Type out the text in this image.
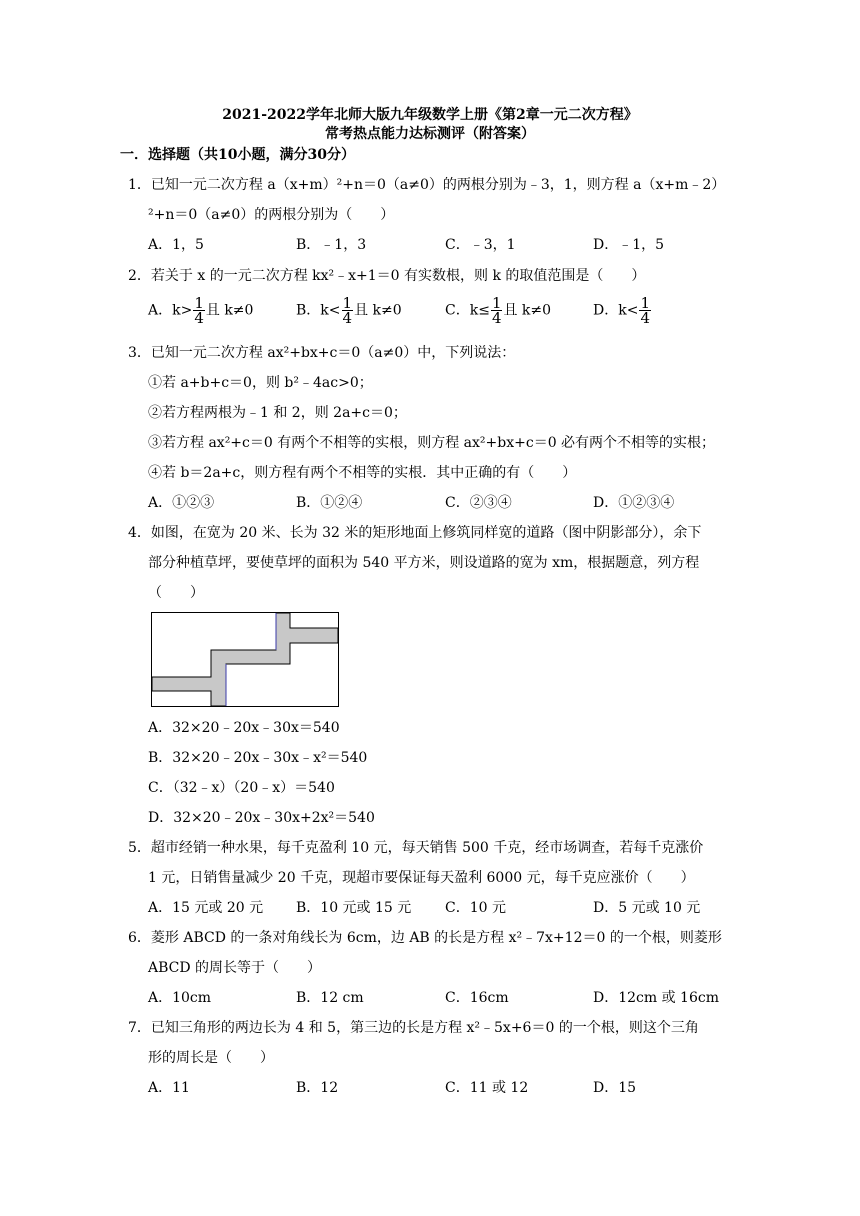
2021-2022学年北师大版九年级数学上册《第2章一元二次方程》
常考热点能力达标测评（附答案）
一．选择题（共10小题，满分30分）
1．已知一元二次方程 a（x+m）²+n＝0（a≠0）的两根分别为﹣3，1，则方程 a（x+m﹣2）
²+n＝0（a≠0）的两根分别为（　　）
A．1，5	B．﹣1，3	C．﹣3，1	D．﹣1，5
2．若关于 x 的一元二次方程 kx²﹣x+1＝0 有实数根，则 k 的取值范围是（　　）
A．$k> \frac{1}{4}$ 且 k≠0	B．$k< \frac{1}{4}$ 且 k≠0	C．$k\le \frac{1}{4}$ 且 k≠0	D．$k< \frac{1}{4}$
3．已知一元二次方程 ax²+bx+c＝0（a≠0）中，下列说法：
①若 a+b+c＝0，则 b²﹣4ac>0；
②若方程两根为﹣1 和 2，则 2a+c＝0；
③若方程 ax²+c＝0 有两个不相等的实根，则方程 ax²+bx+c＝0 必有两个不相等的实根；
④若 b＝2a+c，则方程有两个不相等的实根．其中正确的有（　　）
A．①②③	B．①②④	C．②③④	D．①②③④
4．如图，在宽为 20 米、长为 32 米的矩形地面上修筑同样宽的道路（图中阴影部分），余下
部分种植草坪，要使草坪的面积为 540 平方米，则设道路的宽为 xm，根据题意，列方程
（　　）
A．32×20﹣20x﹣30x＝540
B．32×20﹣20x﹣30x﹣x²＝540
C．（32﹣x）（20﹣x）＝540
D．32×20﹣20x﹣30x+2x²＝540
5．超市经销一种水果，每千克盈利 10 元，每天销售 500 千克，经市场调查，若每千克涨价
1 元，日销售量减少 20 千克，现超市要保证每天盈利 6000 元，每千克应涨价（　　）
A．15 元或 20 元 B．10 元或 15 元 C．10 元	D．5 元或 10 元
6．菱形 ABCD 的一条对角线长为 6cm，边 AB 的长是方程 x²﹣7x+12＝0 的一个根，则菱形
ABCD 的周长等于（　　）
A．10cm	B．12 cm	C．16cm	D．12cm 或 16cm
7．已知三角形的两边长为 4 和 5，第三边的长是方程 x²﹣5x+6＝0 的一个根，则这个三角
形的周长是（　　）
A．11	B．12	C．11 或 12	D．15
